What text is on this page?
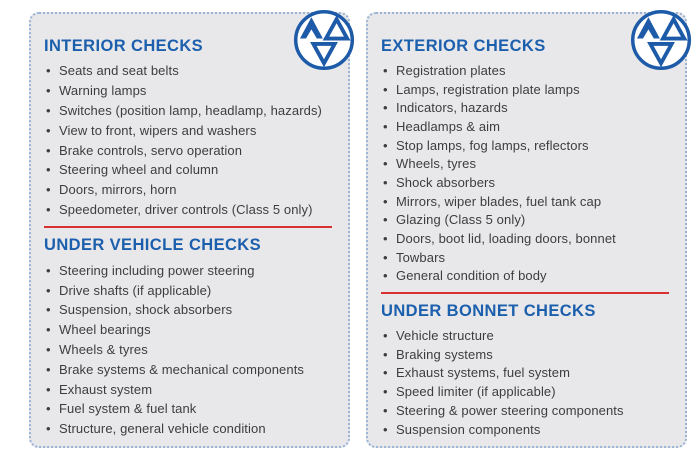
INTERIOR CHECKS
• Seats and seat belts
• Warning lamps
• Switches (position lamp, headlamp, hazards)
• View to front, wipers and washers
• Brake controls, servo operation
• Steering wheel and column
• Doors, mirrors, horn
• Speedometer, driver controls (Class 5 only)
UNDER VEHICLE CHECKS
• Steering including power steering
• Drive shafts (if applicable)
• Suspension, shock absorbers
• Wheel bearings
• Wheels & tyres
• Brake systems & mechanical components
• Exhaust system
• Fuel system & fuel tank
• Structure, general vehicle condition
EXTERIOR CHECKS
• Registration plates
• Lamps, registration plate lamps
• Indicators, hazards
• Headlamps & aim
• Stop lamps, fog lamps, reflectors
• Wheels, tyres
• Shock absorbers
• Mirrors, wiper blades, fuel tank cap
• Glazing (Class 5 only)
• Doors, boot lid, loading doors, bonnet
• Towbars
• General condition of body
UNDER BONNET CHECKS
• Vehicle structure
• Braking systems
• Exhaust systems, fuel system
• Speed limiter (if applicable)
• Steering & power steering components
• Suspension components
